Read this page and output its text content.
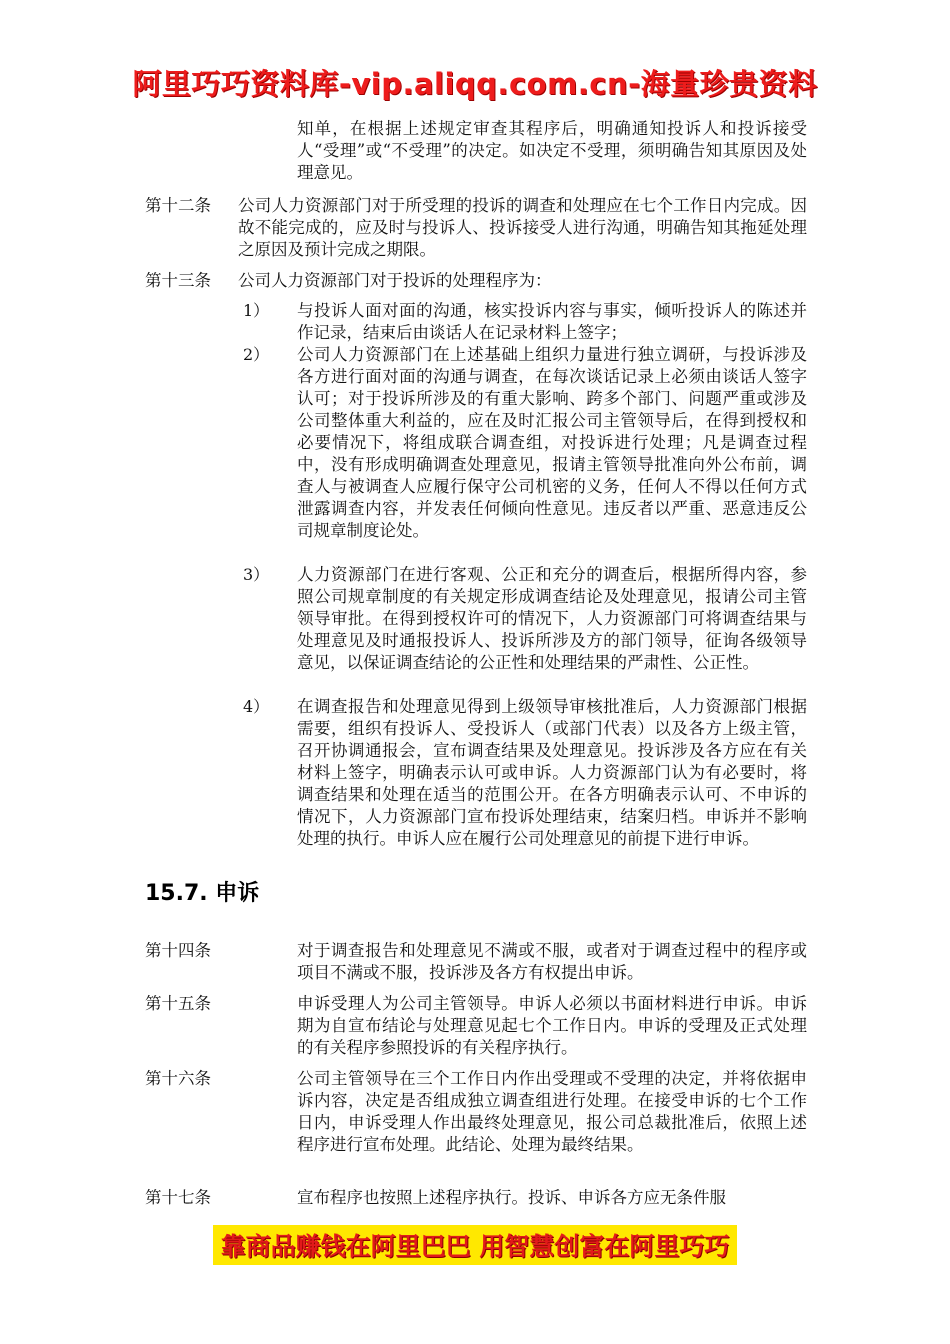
阿里巧巧资料库-vip.aliqq.com.cn-海量珍贵资料

知单，在根据上述规定审查其程序后，明确通知投诉人和投诉接受人“受理”或“不受理”的决定。如决定不受理，须明确告知其原因及处理意见。

第十二条 公司人力资源部门对于所受理的投诉的调查和处理应在七个工作日内完成。因故不能完成的，应及时与投诉人、投诉接受人进行沟通，明确告知其拖延处理之原因及预计完成之期限。

第十三条 公司人力资源部门对于投诉的处理程序为：

1） 与投诉人面对面的沟通，核实投诉内容与事实，倾听投诉人的陈述并作记录，结束后由谈话人在记录材料上签字；

2） 公司人力资源部门在上述基础上组织力量进行独立调研，与投诉涉及各方进行面对面的沟通与调查，在每次谈话记录上必须由谈话人签字认可；对于投诉所涉及的有重大影响、跨多个部门、问题严重或涉及公司整体重大利益的，应在及时汇报公司主管领导后，在得到授权和必要情况下，将组成联合调查组，对投诉进行处理；凡是调查过程中，没有形成明确调查处理意见，报请主管领导批准向外公布前，调查人与被调查人应履行保守公司机密的义务，任何人不得以任何方式泄露调查内容，并发表任何倾向性意见。违反者以严重、恶意违反公司规章制度论处。

3） 人力资源部门在进行客观、公正和充分的调查后，根据所得内容，参照公司规章制度的有关规定形成调查结论及处理意见，报请公司主管领导审批。在得到授权许可的情况下，人力资源部门可将调查结果与处理意见及时通报投诉人、投诉所涉及方的部门领导，征询各级领导意见，以保证调查结论的公正性和处理结果的严肃性、公正性。

4） 在调查报告和处理意见得到上级领导审核批准后，人力资源部门根据需要，组织有投诉人、受投诉人（或部门代表）以及各方上级主管，召开协调通报会，宣布调查结果及处理意见。投诉涉及各方应在有关材料上签字，明确表示认可或申诉。人力资源部门认为有必要时，将调查结果和处理在适当的范围公开。在各方明确表示认可、不申诉的情况下，人力资源部门宣布投诉处理结束，结案归档。申诉并不影响处理的执行。申诉人应在履行公司处理意见的前提下进行申诉。

15.7. 申诉

第十四条	对于调查报告和处理意见不满或不服，或者对于调查过程中的程序或项目不满或不服，投诉涉及各方有权提出申诉。

第十五条	申诉受理人为公司主管领导。申诉人必须以书面材料进行申诉。申诉期为自宣布结论与处理意见起七个工作日内。申诉的受理及正式处理的有关程序参照投诉的有关程序执行。

第十六条	公司主管领导在三个工作日内作出受理或不受理的决定，并将依据申诉内容，决定是否组成独立调查组进行处理。在接受申诉的七个工作日内，申诉受理人作出最终处理意见，报公司总裁批准后，依照上述程序进行宣布处理。此结论、处理为最终结果。

第十七条	宣布程序也按照上述程序执行。投诉、申诉各方应无条件服

靠商品赚钱在阿里巴巴 用智慧创富在阿里巧巧
